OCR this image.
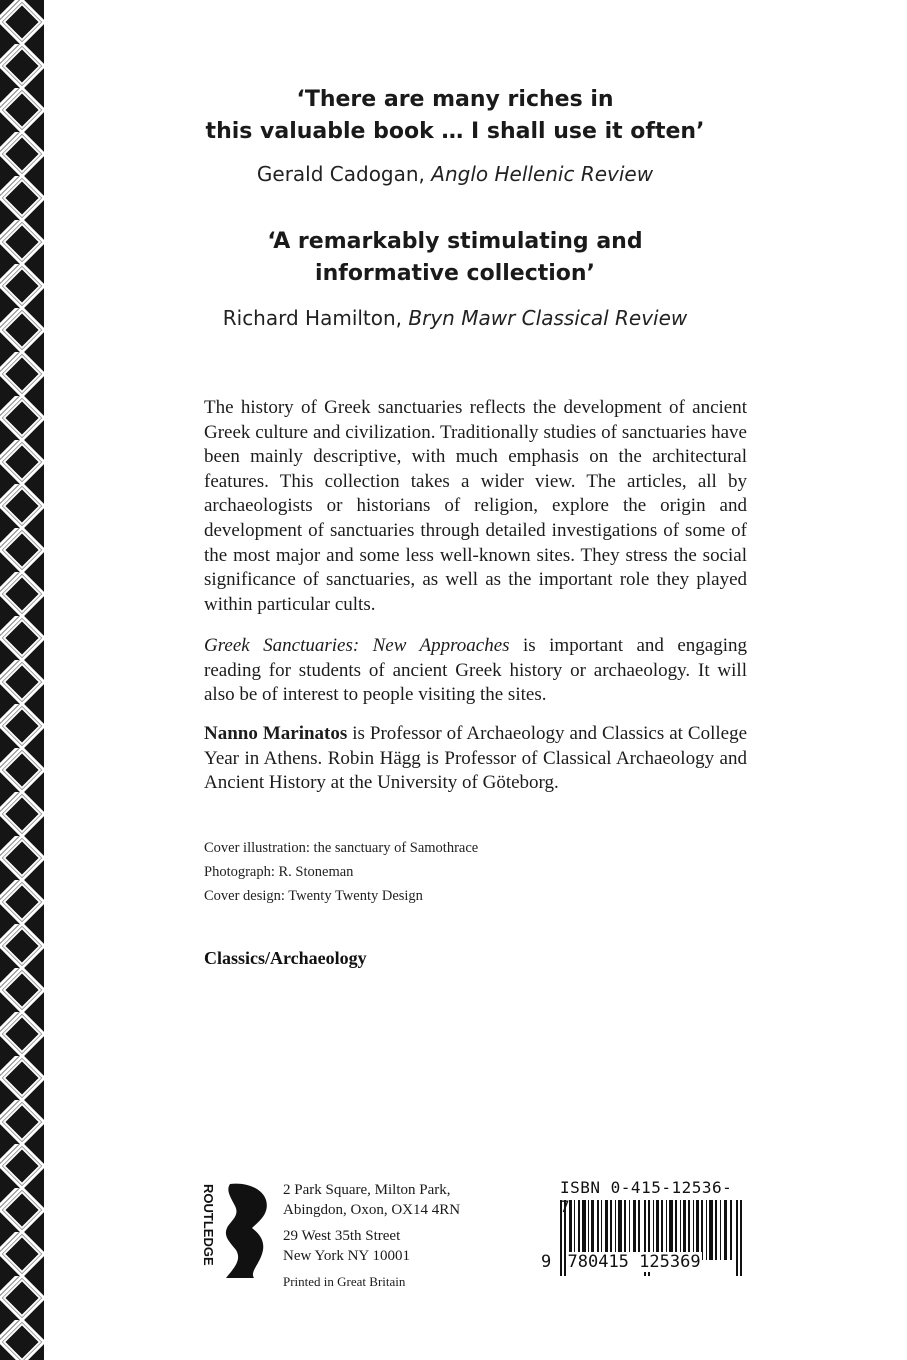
‘There are many riches in
this valuable book … I shall use it often’
Gerald Cadogan, Anglo Hellenic Review
‘A remarkably stimulating and
informative collection’
Richard Hamilton, Bryn Mawr Classical Review

The history of Greek sanctuaries reflects the development of ancient Greek culture and civilization. Traditionally studies of sanctuaries have been mainly descriptive, with much emphasis on the architectural features. This collection takes a wider view. The articles, all by archaeologists or historians of religion, explore the origin and development of sanctuaries through detailed investigations of some of the most major and some less well-known sites. They stress the social significance of sanctuaries, as well as the important role they played within particular cults.

Greek Sanctuaries: New Approaches is important and engaging reading for students of ancient Greek history or archaeology. It will also be of interest to people visiting the sites.

Nanno Marinatos is Professor of Archaeology and Classics at College Year in Athens. Robin Hägg is Professor of Classical Archaeology and Ancient History at the University of Göteborg.

Cover illustration: the sanctuary of Samothrace
Photograph: R. Stoneman
Cover design: Twenty Twenty Design
Classics/Archaeology
ROUTLEDGE	2 Park Square, Milton Park,
Abingdon, Oxon, OX14 4RN
29 West 35th Street
New York NY 10001
Printed in Great Britain
ISBN 0-415-12536-7
9 780415 125369
